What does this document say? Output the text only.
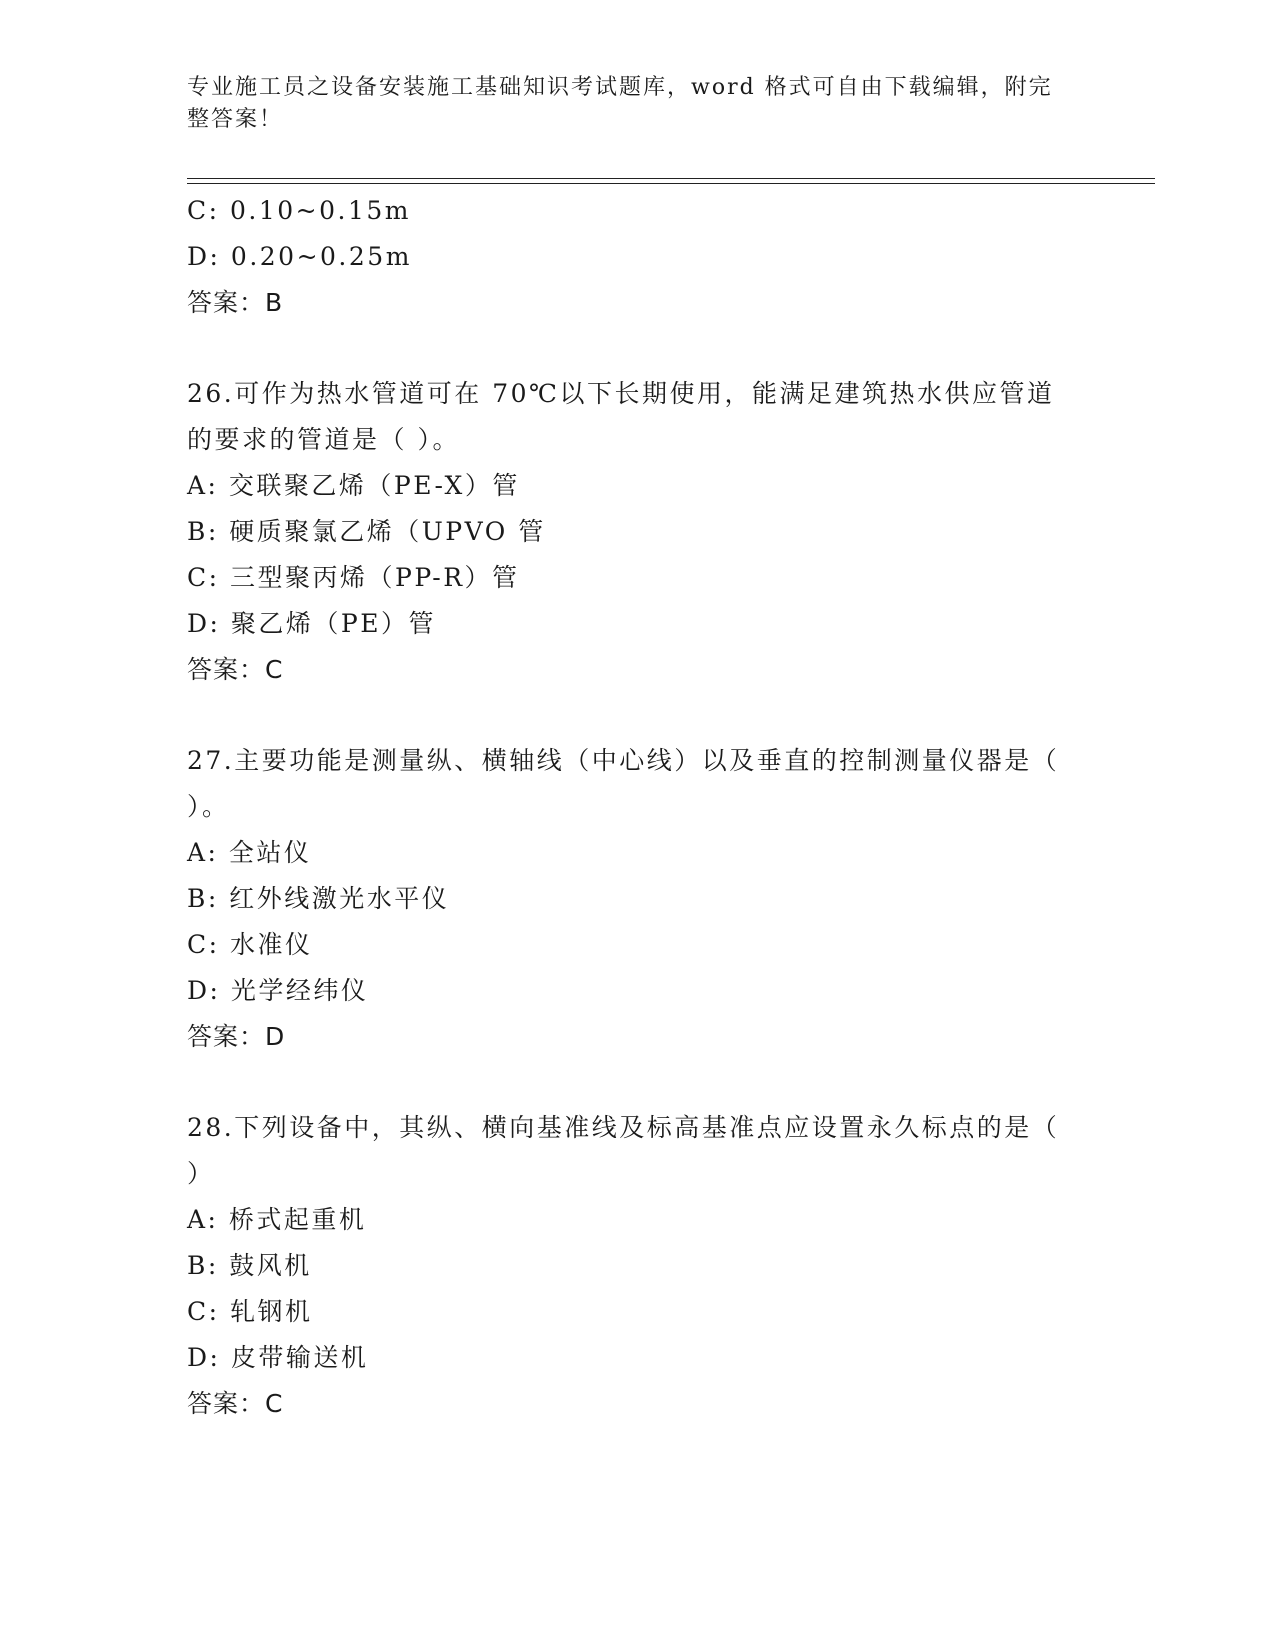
专业施工员之设备安装施工基础知识考试题库，word 格式可自由下载编辑，附完整答案！
C: 0.10~0.15m
D: 0.20~0.25m
答案：B
26.可作为热水管道可在 70℃以下长期使用，能满足建筑热水供应管道的要求的管道是（ ）。
A: 交联聚乙烯（PE-X）管
B: 硬质聚氯乙烯（UPVO 管
C: 三型聚丙烯（PP-R）管
D: 聚乙烯（PE）管
答案：C
27.主要功能是测量纵、横轴线（中心线）以及垂直的控制测量仪器是（ ）。
A: 全站仪
B: 红外线激光水平仪
C: 水准仪
D: 光学经纬仪
答案：D
28.下列设备中，其纵、横向基准线及标高基准点应设置永久标点的是（ ）
A: 桥式起重机
B: 鼓风机
C: 轧钢机
D: 皮带输送机
答案：C
